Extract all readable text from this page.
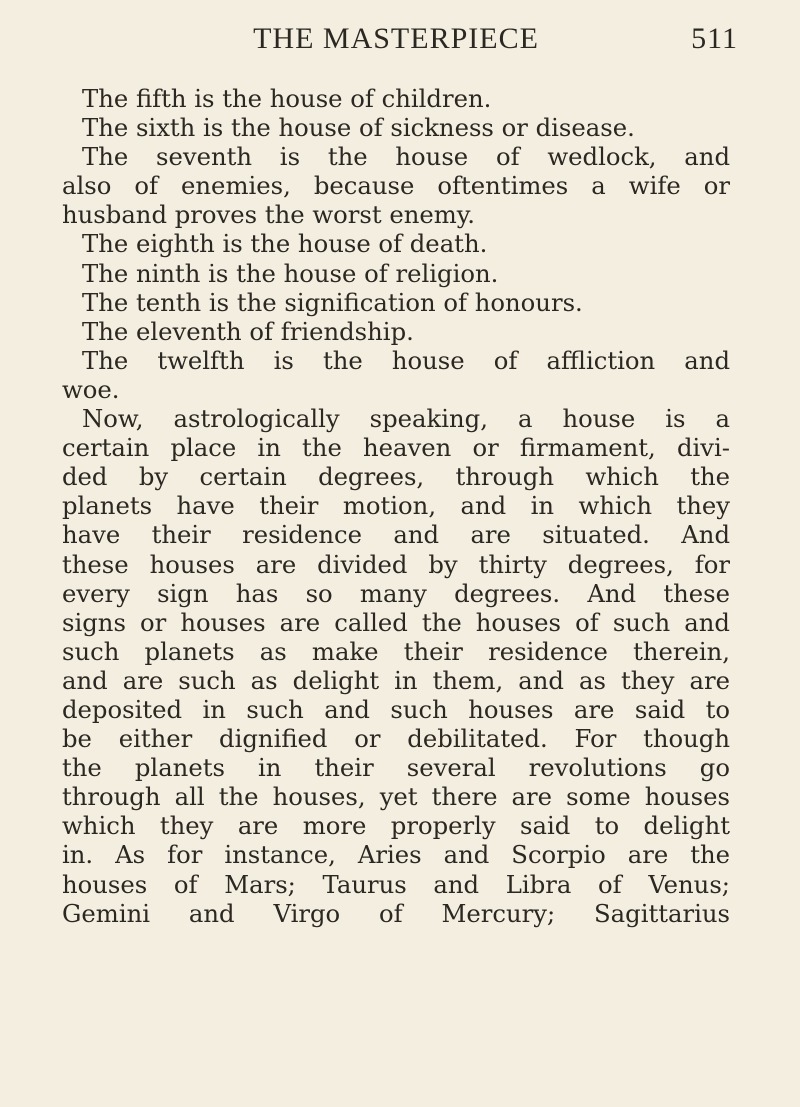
THE MASTERPIECE	511
The fifth is the house of children.
The sixth is the house of sickness or disease.
The seventh is the house of wedlock, and
also of enemies, because oftentimes a wife or
husband proves the worst enemy.
The eighth is the house of death.
The ninth is the house of religion.
The tenth is the signification of honours.
The eleventh of friendship.
The twelfth is the house of affliction and
woe.
Now, astrologically speaking, a house is a
certain place in the heaven or firmament, divi-
ded by certain degrees, through which the
planets have their motion, and in which they
have their residence and are situated. And
these houses are divided by thirty degrees, for
every sign has so many degrees. And these
signs or houses are called the houses of such and
such planets as make their residence therein,
and are such as delight in them, and as they are
deposited in such and such houses are said to
be either dignified or debilitated. For though
the planets in their several revolutions go
through all the houses, yet there are some houses
which they are more properly said to delight
in. As for instance, Aries and Scorpio are the
houses of Mars; Taurus and Libra of Venus;
Gemini and Virgo of Mercury; Sagittarius
